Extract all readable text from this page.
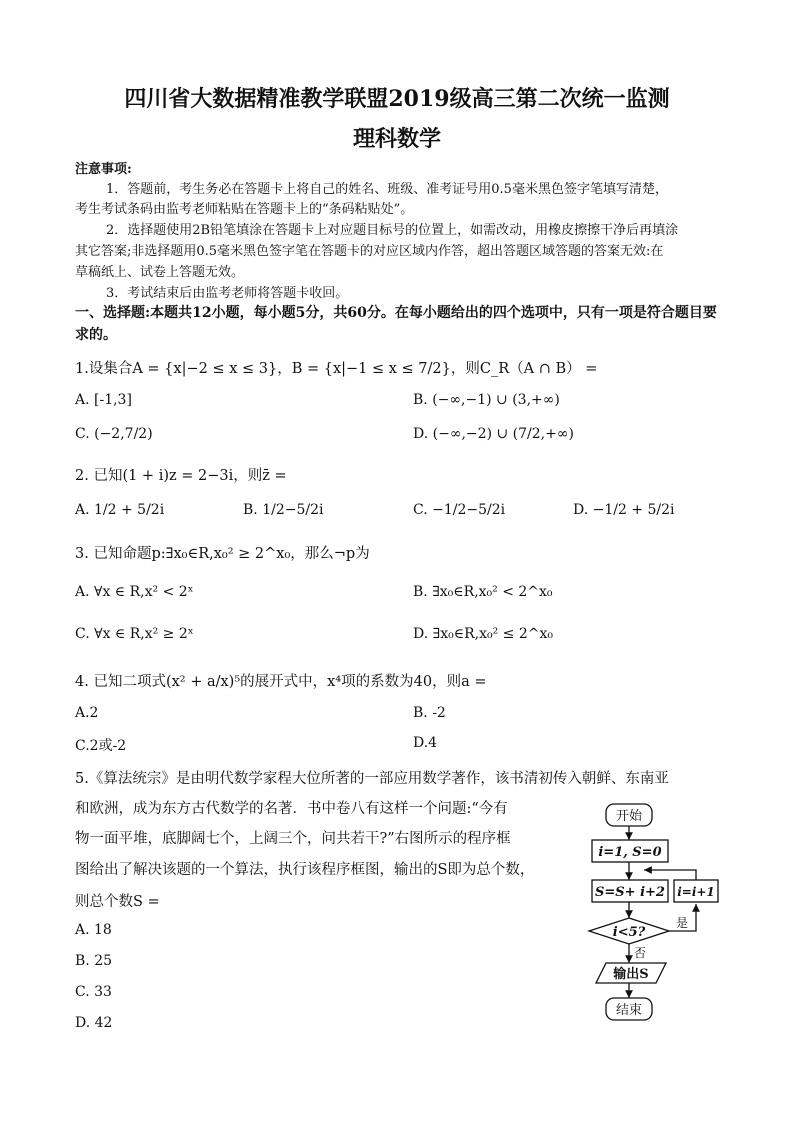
四川省大数据精准教学联盟2019级高三第二次统一监测
理科数学
注意事项:
1．答题前，考生务必在答题卡上将自己的姓名、班级、准考证号用0.5毫米黑色签字笔填写清楚，
考生考试条码由监考老师粘贴在答题卡上的“条码粘贴处”。
2．选择题使用2B铅笔填涂在答题卡上对应题目标号的位置上，如需改动，用橡皮擦擦干净后再填涂
其它答案;非选择题用0.5毫米黑色签字笔在答题卡的对应区域内作答，超出答题区域答题的答案无效:在
草稿纸上、试卷上答题无效。
3．考试结束后由监考老师将答题卡收回。
一、选择题:本题共12小题，每小题5分，共60分。在每小题给出的四个选项中，只有一项是符合题目要
求的。
1.设集合A = {x|−2 ≤ x ≤ 3}，B = {x|−1 ≤ x ≤ 7/2}，则C_R（A ∩ B） =
A. [-1,3]	B. (−∞,−1) ∪ (3,+∞)
C. (−2,7/2)	D. (−∞,−2) ∪ (7/2,+∞)
2. 已知(1 + i)z = 2−3i，则z̄ =
A. 1/2 + 5/2i	B. 1/2−5/2i	C. −1/2−5/2i	D. −1/2 + 5/2i
3. 已知命题p:∃x₀∈R,x₀² ≥ 2^x₀，那么¬p为
A. ∀x ∈ R,x² < 2ˣ	B. ∃x₀∈R,x₀² < 2^x₀
C. ∀x ∈ R,x² ≥ 2ˣ	D. ∃x₀∈R,x₀² ≤ 2^x₀
4. 已知二项式(x² + a/x)⁵的展开式中，x⁴项的系数为40，则a =
A.2	B. -2
C.2或-2	D.4
5.《算法统宗》是由明代数学家程大位所著的一部应用数学著作，该书清初传入朝鲜、东南亚
和欧洲，成为东方古代数学的名著．书中卷八有这样一个问题:“今有
物一面平堆，底脚阔七个，上阔三个，问共若干?”右图所示的程序框
图给出了解决该题的一个算法，执行该程序框图，输出的S即为总个数，
则总个数S =
A. 18
B. 25
C. 33
D. 42
开始
i=1, S=0
S=S+ i+2 i=i+1
i<5?
是
否
输出S
结束
